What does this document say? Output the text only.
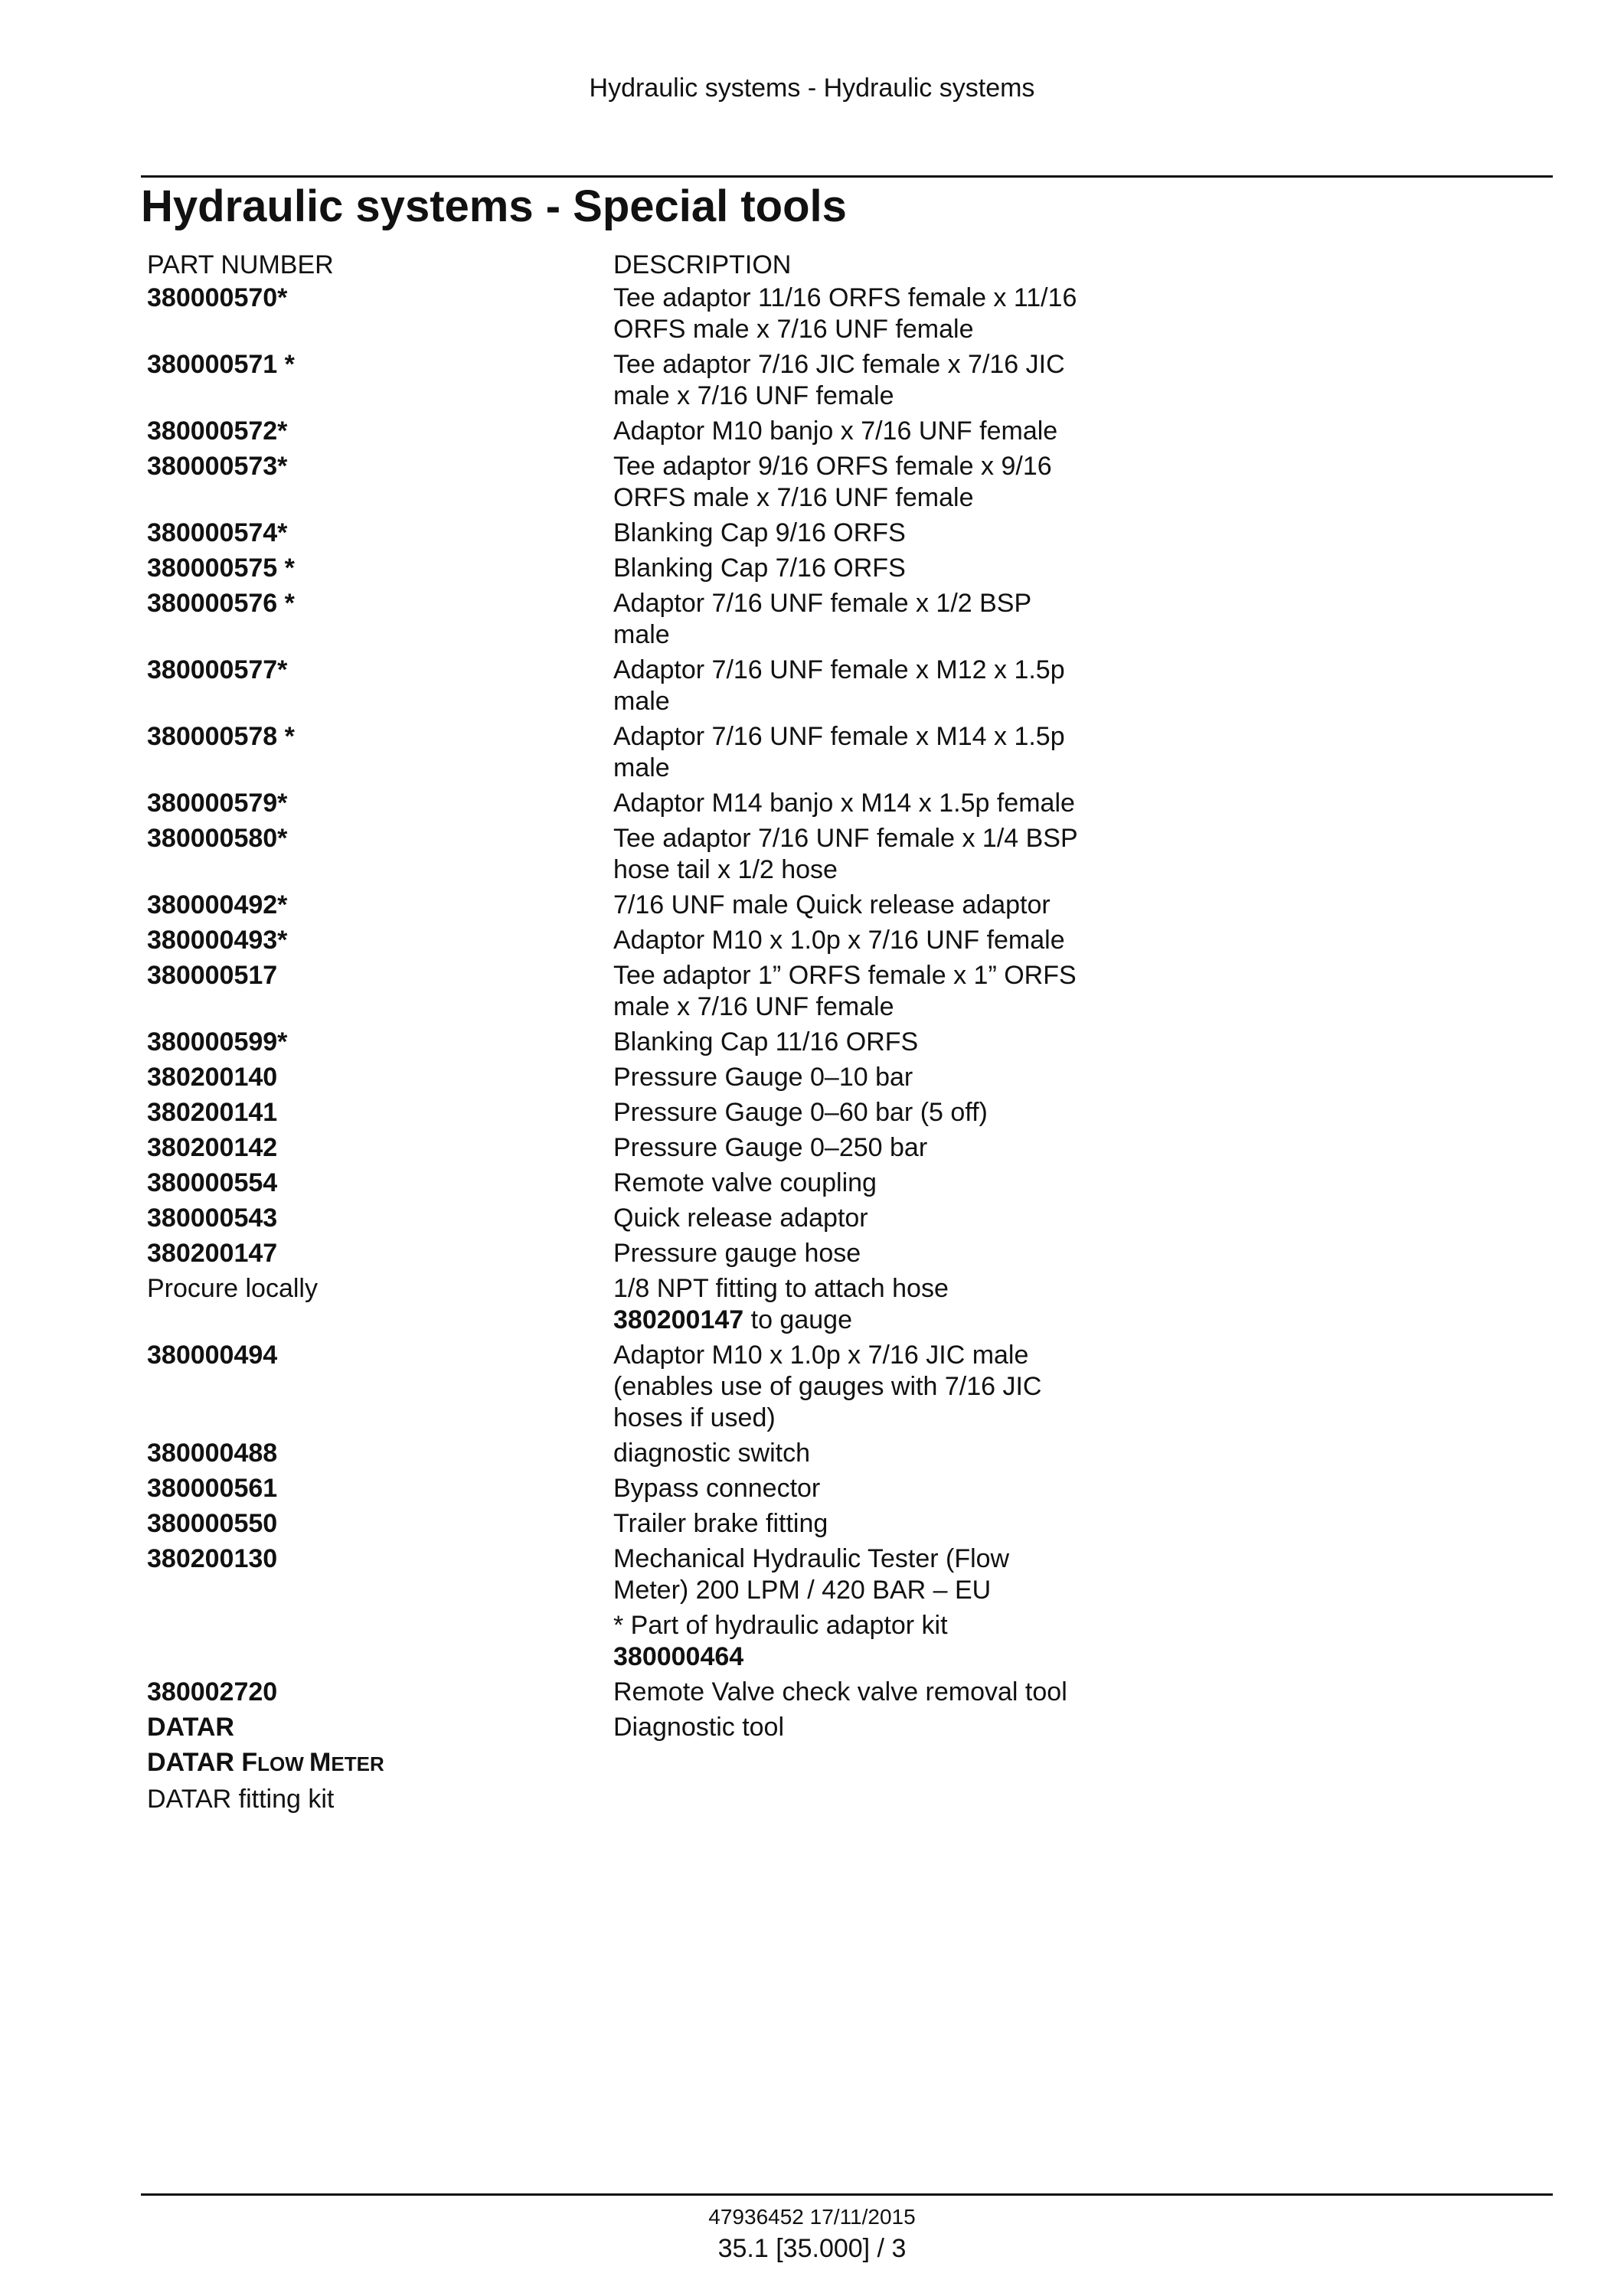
Hydraulic systems - Hydraulic systems
Hydraulic systems - Special tools
PART NUMBER	DESCRIPTION
380000570*	Tee adaptor 11/16 ORFS female x 11/16 ORFS male x 7/16 UNF female
380000571 *	Tee adaptor 7/16 JIC female x 7/16 JIC male x 7/16 UNF female
380000572*	Adaptor M10 banjo x 7/16 UNF female
380000573*	Tee adaptor 9/16 ORFS female x 9/16 ORFS male x 7/16 UNF female
380000574*	Blanking Cap 9/16 ORFS
380000575 *	Blanking Cap 7/16 ORFS
380000576 *	Adaptor 7/16 UNF female x 1/2 BSP male
380000577*	Adaptor 7/16 UNF female x M12 x 1.5p male
380000578 *	Adaptor 7/16 UNF female x M14 x 1.5p male
380000579*	Adaptor M14 banjo x M14 x 1.5p female
380000580*	Tee adaptor 7/16 UNF female x 1/4 BSP hose tail x 1/2 hose
380000492*	7/16 UNF male Quick release adaptor
380000493*	Adaptor M10 x 1.0p x 7/16 UNF female
380000517	Tee adaptor 1” ORFS female x 1” ORFS male x 7/16 UNF female
380000599*	Blanking Cap 11/16 ORFS
380200140	Pressure Gauge 0–10 bar
380200141	Pressure Gauge 0–60 bar (5 off)
380200142	Pressure Gauge 0–250 bar
380000554	Remote valve coupling
380000543	Quick release adaptor
380200147	Pressure gauge hose
Procure locally	1/8 NPT fitting to attach hose 380200147 to gauge
380000494	Adaptor M10 x 1.0p x 7/16 JIC male (enables use of gauges with 7/16 JIC hoses if used)
380000488	diagnostic switch
380000561	Bypass connector
380000550	Trailer brake fitting
380200130	Mechanical Hydraulic Tester (Flow Meter) 200 LPM / 420 BAR – EU
* Part of hydraulic adaptor kit 380000464
380002720	Remote Valve check valve removal tool
DATAR	Diagnostic tool
DATAR FLOW METER
DATAR fitting kit
47936452 17/11/2015
35.1 [35.000] / 3
